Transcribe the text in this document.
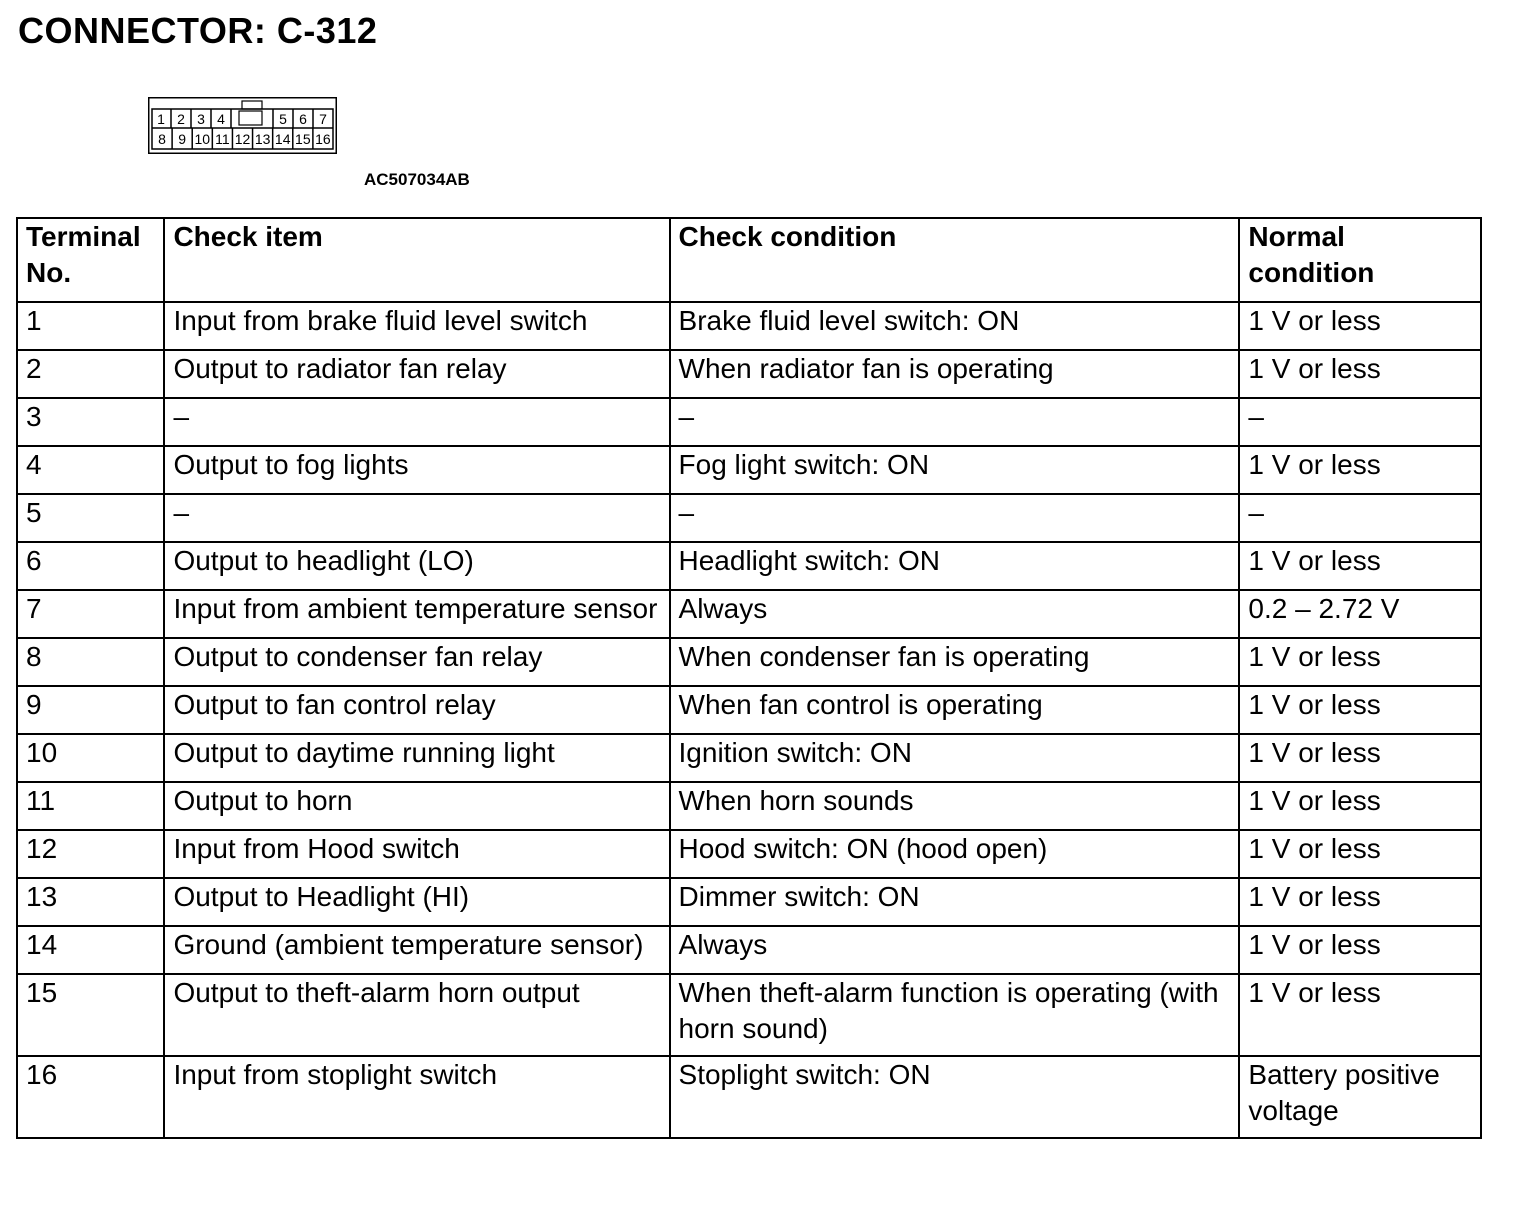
CONNECTOR: C-312
1 2 3 4	5 6 7
8 9 10 11 12 13 14 15 16
AC507034AB
Terminal No.	Check item	Check condition	Normal condition
1	Input from brake fluid level switch	Brake fluid level switch: ON	1 V or less
2	Output to radiator fan relay	When radiator fan is operating	1 V or less
3	–	–	–
4	Output to fog lights	Fog light switch: ON	1 V or less
5	–	–	–
6	Output to headlight (LO)	Headlight switch: ON	1 V or less
7	Input from ambient temperature sensor	Always	0.2 – 2.72 V
8	Output to condenser fan relay	When condenser fan is operating	1 V or less
9	Output to fan control relay	When fan control is operating	1 V or less
10	Output to daytime running light	Ignition switch: ON	1 V or less
11	Output to horn	When horn sounds	1 V or less
12	Input from Hood switch	Hood switch: ON (hood open)	1 V or less
13	Output to Headlight (HI)	Dimmer switch: ON	1 V or less
14	Ground (ambient temperature sensor)	Always	1 V or less
15	Output to theft-alarm horn output	When theft-alarm function is operating (with horn sound)	1 V or less
16	Input from stoplight switch	Stoplight switch: ON	Battery positive voltage
